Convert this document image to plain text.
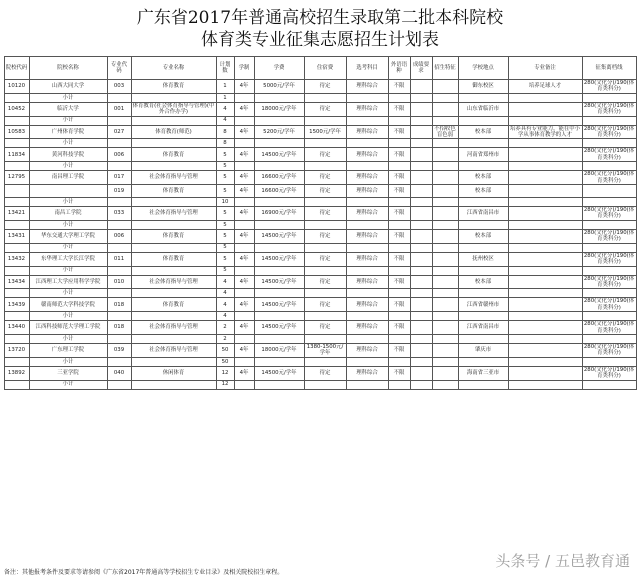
广东省2017年普通高校招生录取第二批本科院校
体育类专业征集志愿招生计划表
院校代码	院校名称	专业代码	专业名称	计划数	学制	学费	住宿费	选考科目	外语语种	成绩要求	招生特征	学校地点	专业备注	征集离档线
10120	山西大同大学	003	体育教育	1	4年	5000元/学年	待定	理科综合	不限			御东校区	培养足球人才	280(文化分)/190(体育类科分)
	小计			1										
10452	临沂大学	001	体育教育(社会体育指导与管理)(中外合作办学)	4	4年	18000元/学年	待定	理科综合	不限			山东省临沂市		280(文化分)/190(体育类科分)
	小计			4										
10583	广州体育学院	027	体育教育(师范)	8	4年	5200元/学年	1500元/学年	理科综合	不限		不招收色盲色弱	校本部	培养具有专业能力，能在中小学从事体育教学的人才	280(文化分)/190(体育类科分)
	小计			8										
11834	黄河科技学院	006	体育教育	5	4年	14500元/学年	待定	理科综合	不限			河南省郑州市		280(文化分)/190(体育类科分)
	小计			5										
12795	南昌理工学院	017	社会体育指导与管理	5	4年	16600元/学年	待定	理科综合	不限			校本部		280(文化分)/190(体育类科分)
		019	体育教育	5	4年	16600元/学年	待定	理科综合	不限			校本部		
	小计			10										
13421	南昌工学院	033	社会体育指导与管理	5	4年	16900元/学年	待定	理科综合	不限			江西省南昌市		280(文化分)/190(体育类科分)
	小计			5										
13431	华东交通大学理工学院	006	体育教育	5	4年	14500元/学年	待定	理科综合	不限			校本部		280(文化分)/190(体育类科分)
	小计			5										
13432	东华理工大学长江学院	011	体育教育	5	4年	14500元/学年	待定	理科综合	不限			抚州校区		280(文化分)/190(体育类科分)
	小计			5										
13434	江西理工大学应用科学学院	010	社会体育指导与管理	4	4年	14500元/学年	待定	理科综合	不限			校本部		280(文化分)/190(体育类科分)
	小计			4										
13439	赣南师范大学科技学院	018	体育教育	4	4年	14500元/学年	待定	理科综合	不限			江西省赣州市		280(文化分)/190(体育类科分)
	小计			4										
13440	江西科技师范大学理工学院	018	社会体育指导与管理	2	4年	14500元/学年	待定	理科综合	不限			江西省南昌市		280(文化分)/190(体育类科分)
	小计			2										
13720	广东理工学院	039	社会体育指导与管理	50	4年	18000元/学年	1380-1500元/学年	理科综合	不限			肇庆市		280(文化分)/190(体育类科分)
	小计			50										
13892	三亚学院	040	休闲体育	12	4年	14500元/学年	待定	理科综合	不限			海南省三亚市		280(文化分)/190(体育类科分)
	小计			12										
备注：其他报考条件及要求等请参阅《广东省2017年普通高等学校招生专业目录》及相关院校招生章程。
头条号 / 五邑教育通
